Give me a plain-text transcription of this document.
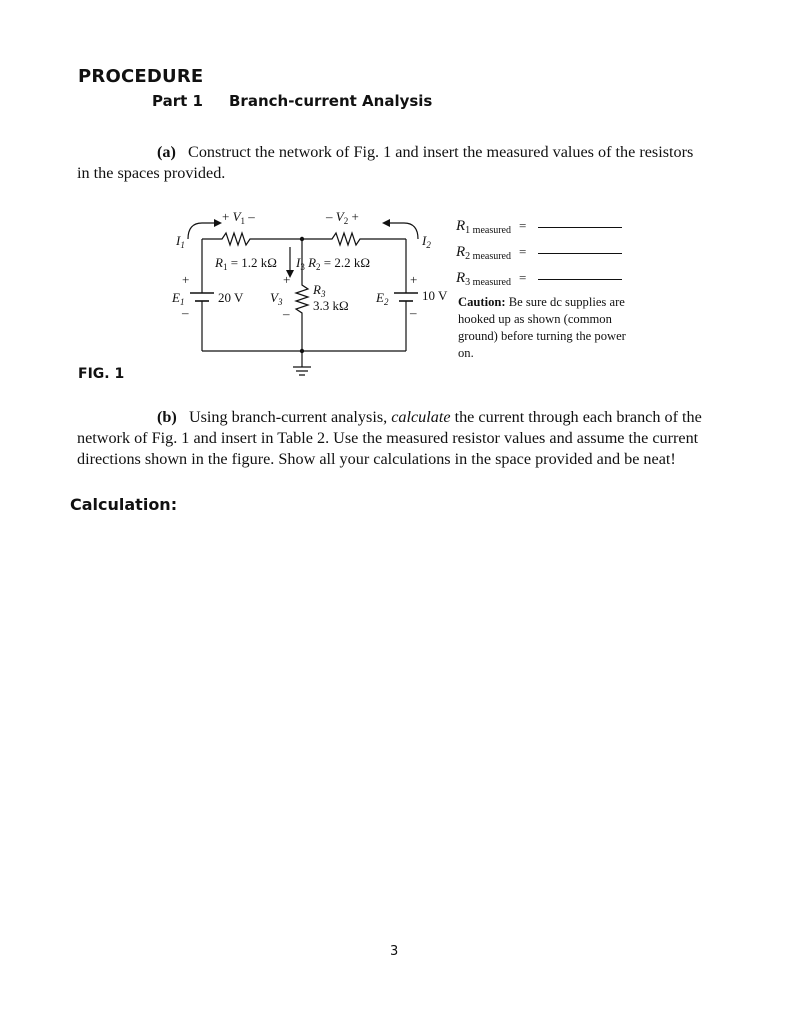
PROCEDURE
Part 1 Branch-current Analysis
(a) Construct the network of Fig. 1 and insert the measured values of the resistors
in the spaces provided.
+ $V_1$ –	– $V_2$ +
$I_1$	$I_2$
$R_1 = 1.2$ kΩ $I_3$ $R_2 = 2.2$ kΩ
+
–
$E_1$	20 V
+
–
$V_3$
$R_3$
3.3 kΩ
$E_2$
+
–
10 V
$R_{1 measured}$ =
$R_{2 measured}$ =
$R_{3 measured}$ =
Caution: Be sure dc supplies are hooked up as shown (common ground) before turning the power on.
FIG. 1
(b) Using branch-current analysis, calculate the current through each branch of the network of Fig. 1 and insert in Table 2. Use the measured resistor values and assume the current directions shown in the figure. Show all your calculations in the space provided and be neat!
Calculation:
3
